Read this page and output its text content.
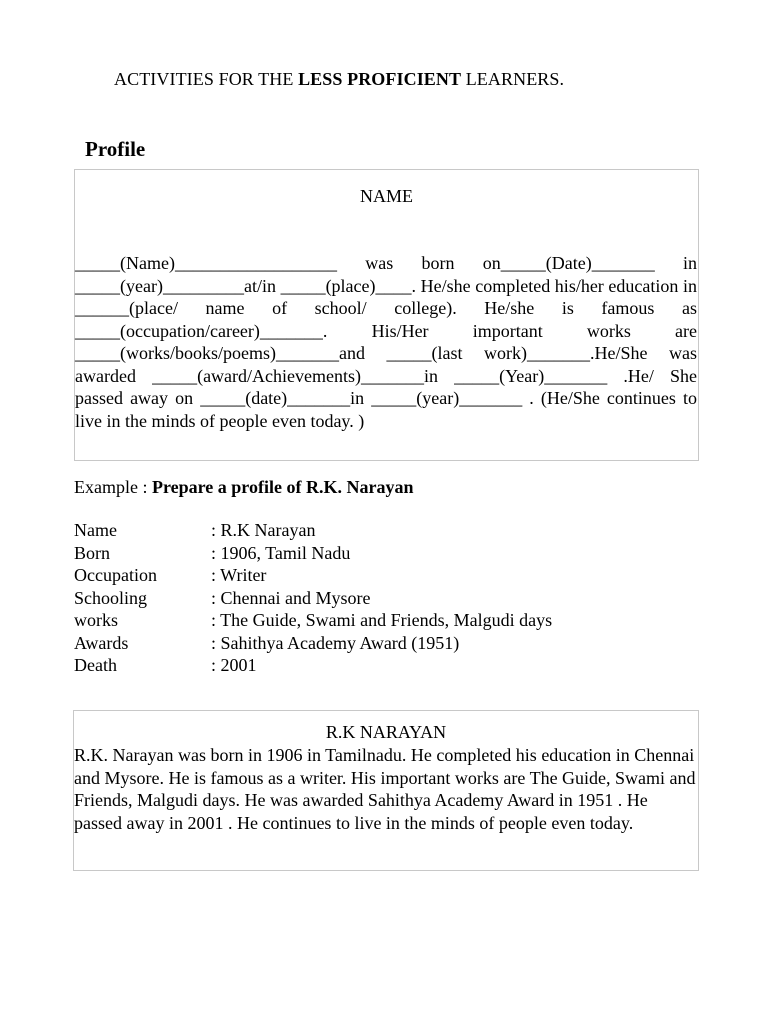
ACTIVITIES FOR THE LESS PROFICIENT LEARNERS.
Profile
NAME
_____(Name)__________________ was born on_____(Date)_______ in _____(year)_________at/in _____(place)____. He/she completed his/her education in ______(place/ name of school/ college). He/she is famous as _____(occupation/career)_______. His/Her important works are _____(works/books/poems)_______and _____(last work)_______.He/She was awarded _____(award/Achievements)_______in _____(Year)_______ .He/ She passed away on _____(date)_______in _____(year)_______ . (He/She continues to live in the minds of people even today. )
Example : Prepare a profile of R.K. Narayan
Name	: R.K Narayan
Born	: 1906, Tamil Nadu
Occupation	: Writer
Schooling	: Chennai and Mysore
works	: The Guide, Swami and Friends, Malgudi days
Awards	: Sahithya Academy Award (1951)
Death	: 2001
R.K NARAYAN
R.K. Narayan was born in 1906 in Tamilnadu. He completed his education in Chennai and Mysore. He is famous as a writer. His important works are The Guide, Swami and Friends, Malgudi days. He was awarded Sahithya Academy Award in 1951 . He passed away in 2001 . He continues to live in the minds of people even today.
